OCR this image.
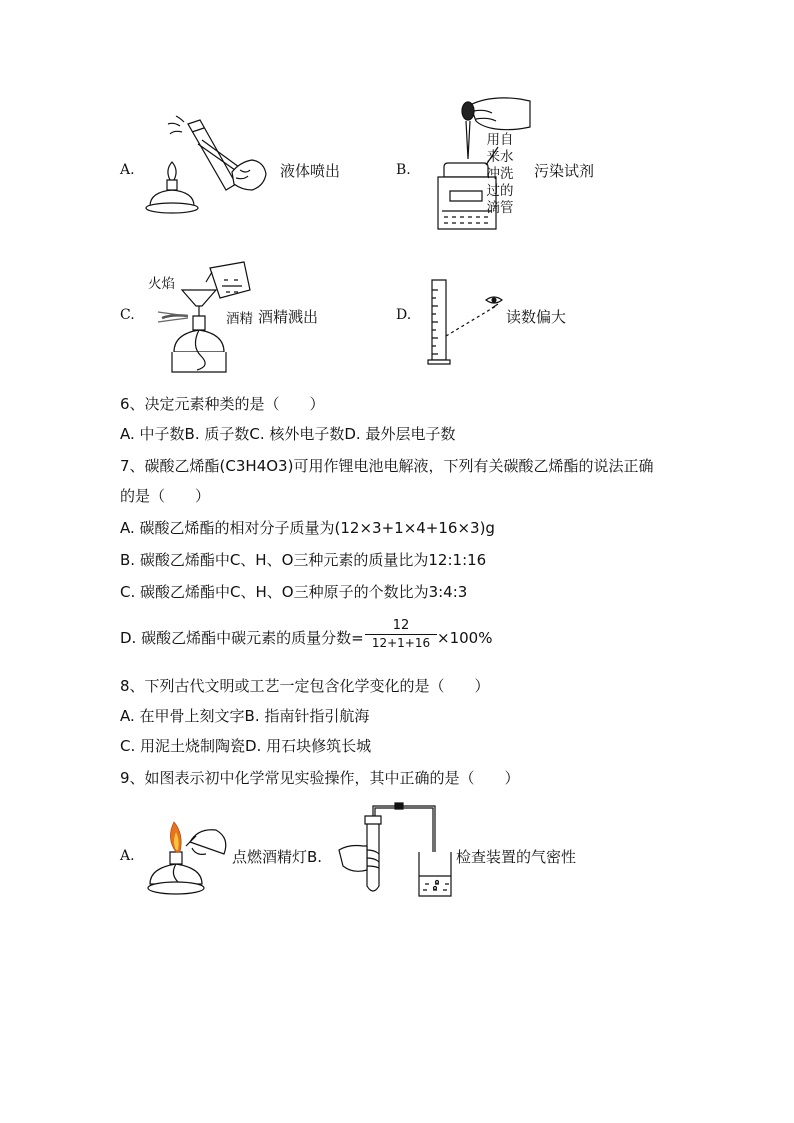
A.	液体喷出	B.
用自
来水
冲洗
过的
滴管
污染试剂
C.
火焰
酒精 酒精溅出	D.	读数偏大
6、决定元素种类的是（　　）
A. 中子数B. 质子数C. 核外电子数D. 最外层电子数
7、碳酸乙烯酯(C3H4O3)可用作锂电池电解液，下列有关碳酸乙烯酯的说法正确
的是（　　）
A. 碳酸乙烯酯的相对分子质量为(12×3+1×4+16×3)g
B. 碳酸乙烯酯中C、H、O三种元素的质量比为12:1:16
C. 碳酸乙烯酯中C、H、O三种原子的个数比为3:4:3
D. 碳酸乙烯酯中碳元素的质量分数= $\frac{12}{12+1+16} \times 100\%$
8、下列古代文明或工艺一定包含化学变化的是（　　）
A. 在甲骨上刻文字B. 指南针指引航海
C. 用泥土烧制陶瓷D. 用石块修筑长城
9、如图表示初中化学常见实验操作，其中正确的是（　　）
A.	点燃酒精灯B.	检查装置的气密性
